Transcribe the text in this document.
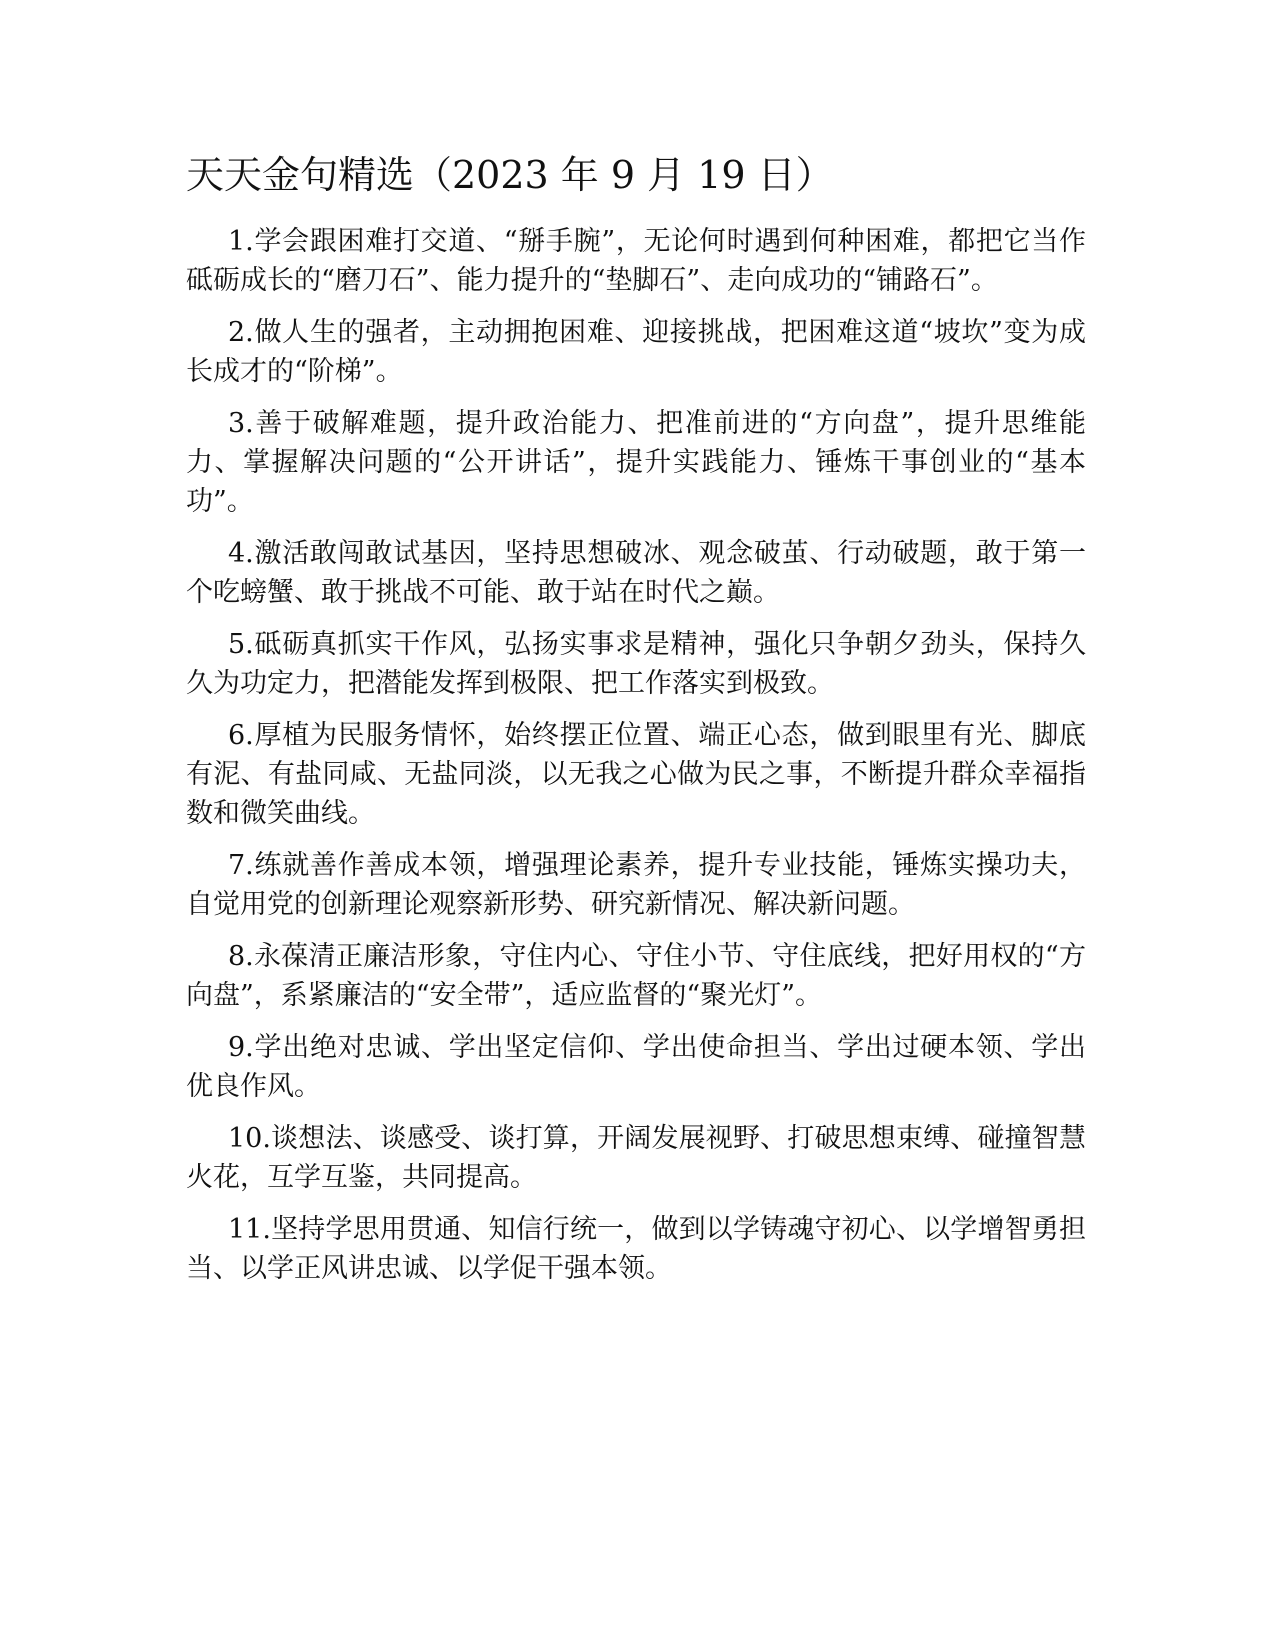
天天金句精选（2023 年 9 月 19 日）

1.学会跟困难打交道、“掰手腕”，无论何时遇到何种困难，都把它当作砥砺成长的“磨刀石”、能力提升的“垫脚石”、走向成功的“铺路石”。

2.做人生的强者，主动拥抱困难、迎接挑战，把困难这道“坡坎”变为成长成才的“阶梯”。

3.善于破解难题，提升政治能力、把准前进的“方向盘”，提升思维能力、掌握解决问题的“公开讲话”，提升实践能力、锤炼干事创业的“基本功”。

4.激活敢闯敢试基因，坚持思想破冰、观念破茧、行动破题，敢于第一个吃螃蟹、敢于挑战不可能、敢于站在时代之巅。

5.砥砺真抓实干作风，弘扬实事求是精神，强化只争朝夕劲头，保持久久为功定力，把潜能发挥到极限、把工作落实到极致。

6.厚植为民服务情怀，始终摆正位置、端正心态，做到眼里有光、脚底有泥、有盐同咸、无盐同淡，以无我之心做为民之事，不断提升群众幸福指数和微笑曲线。

7.练就善作善成本领，增强理论素养，提升专业技能，锤炼实操功夫，自觉用党的创新理论观察新形势、研究新情况、解决新问题。

8.永葆清正廉洁形象，守住内心、守住小节、守住底线，把好用权的“方向盘”，系紧廉洁的“安全带”，适应监督的“聚光灯”。

9.学出绝对忠诚、学出坚定信仰、学出使命担当、学出过硬本领、学出优良作风。

10.谈想法、谈感受、谈打算，开阔发展视野、打破思想束缚、碰撞智慧火花，互学互鉴，共同提高。

11.坚持学思用贯通、知信行统一，做到以学铸魂守初心、以学增智勇担当、以学正风讲忠诚、以学促干强本领。
